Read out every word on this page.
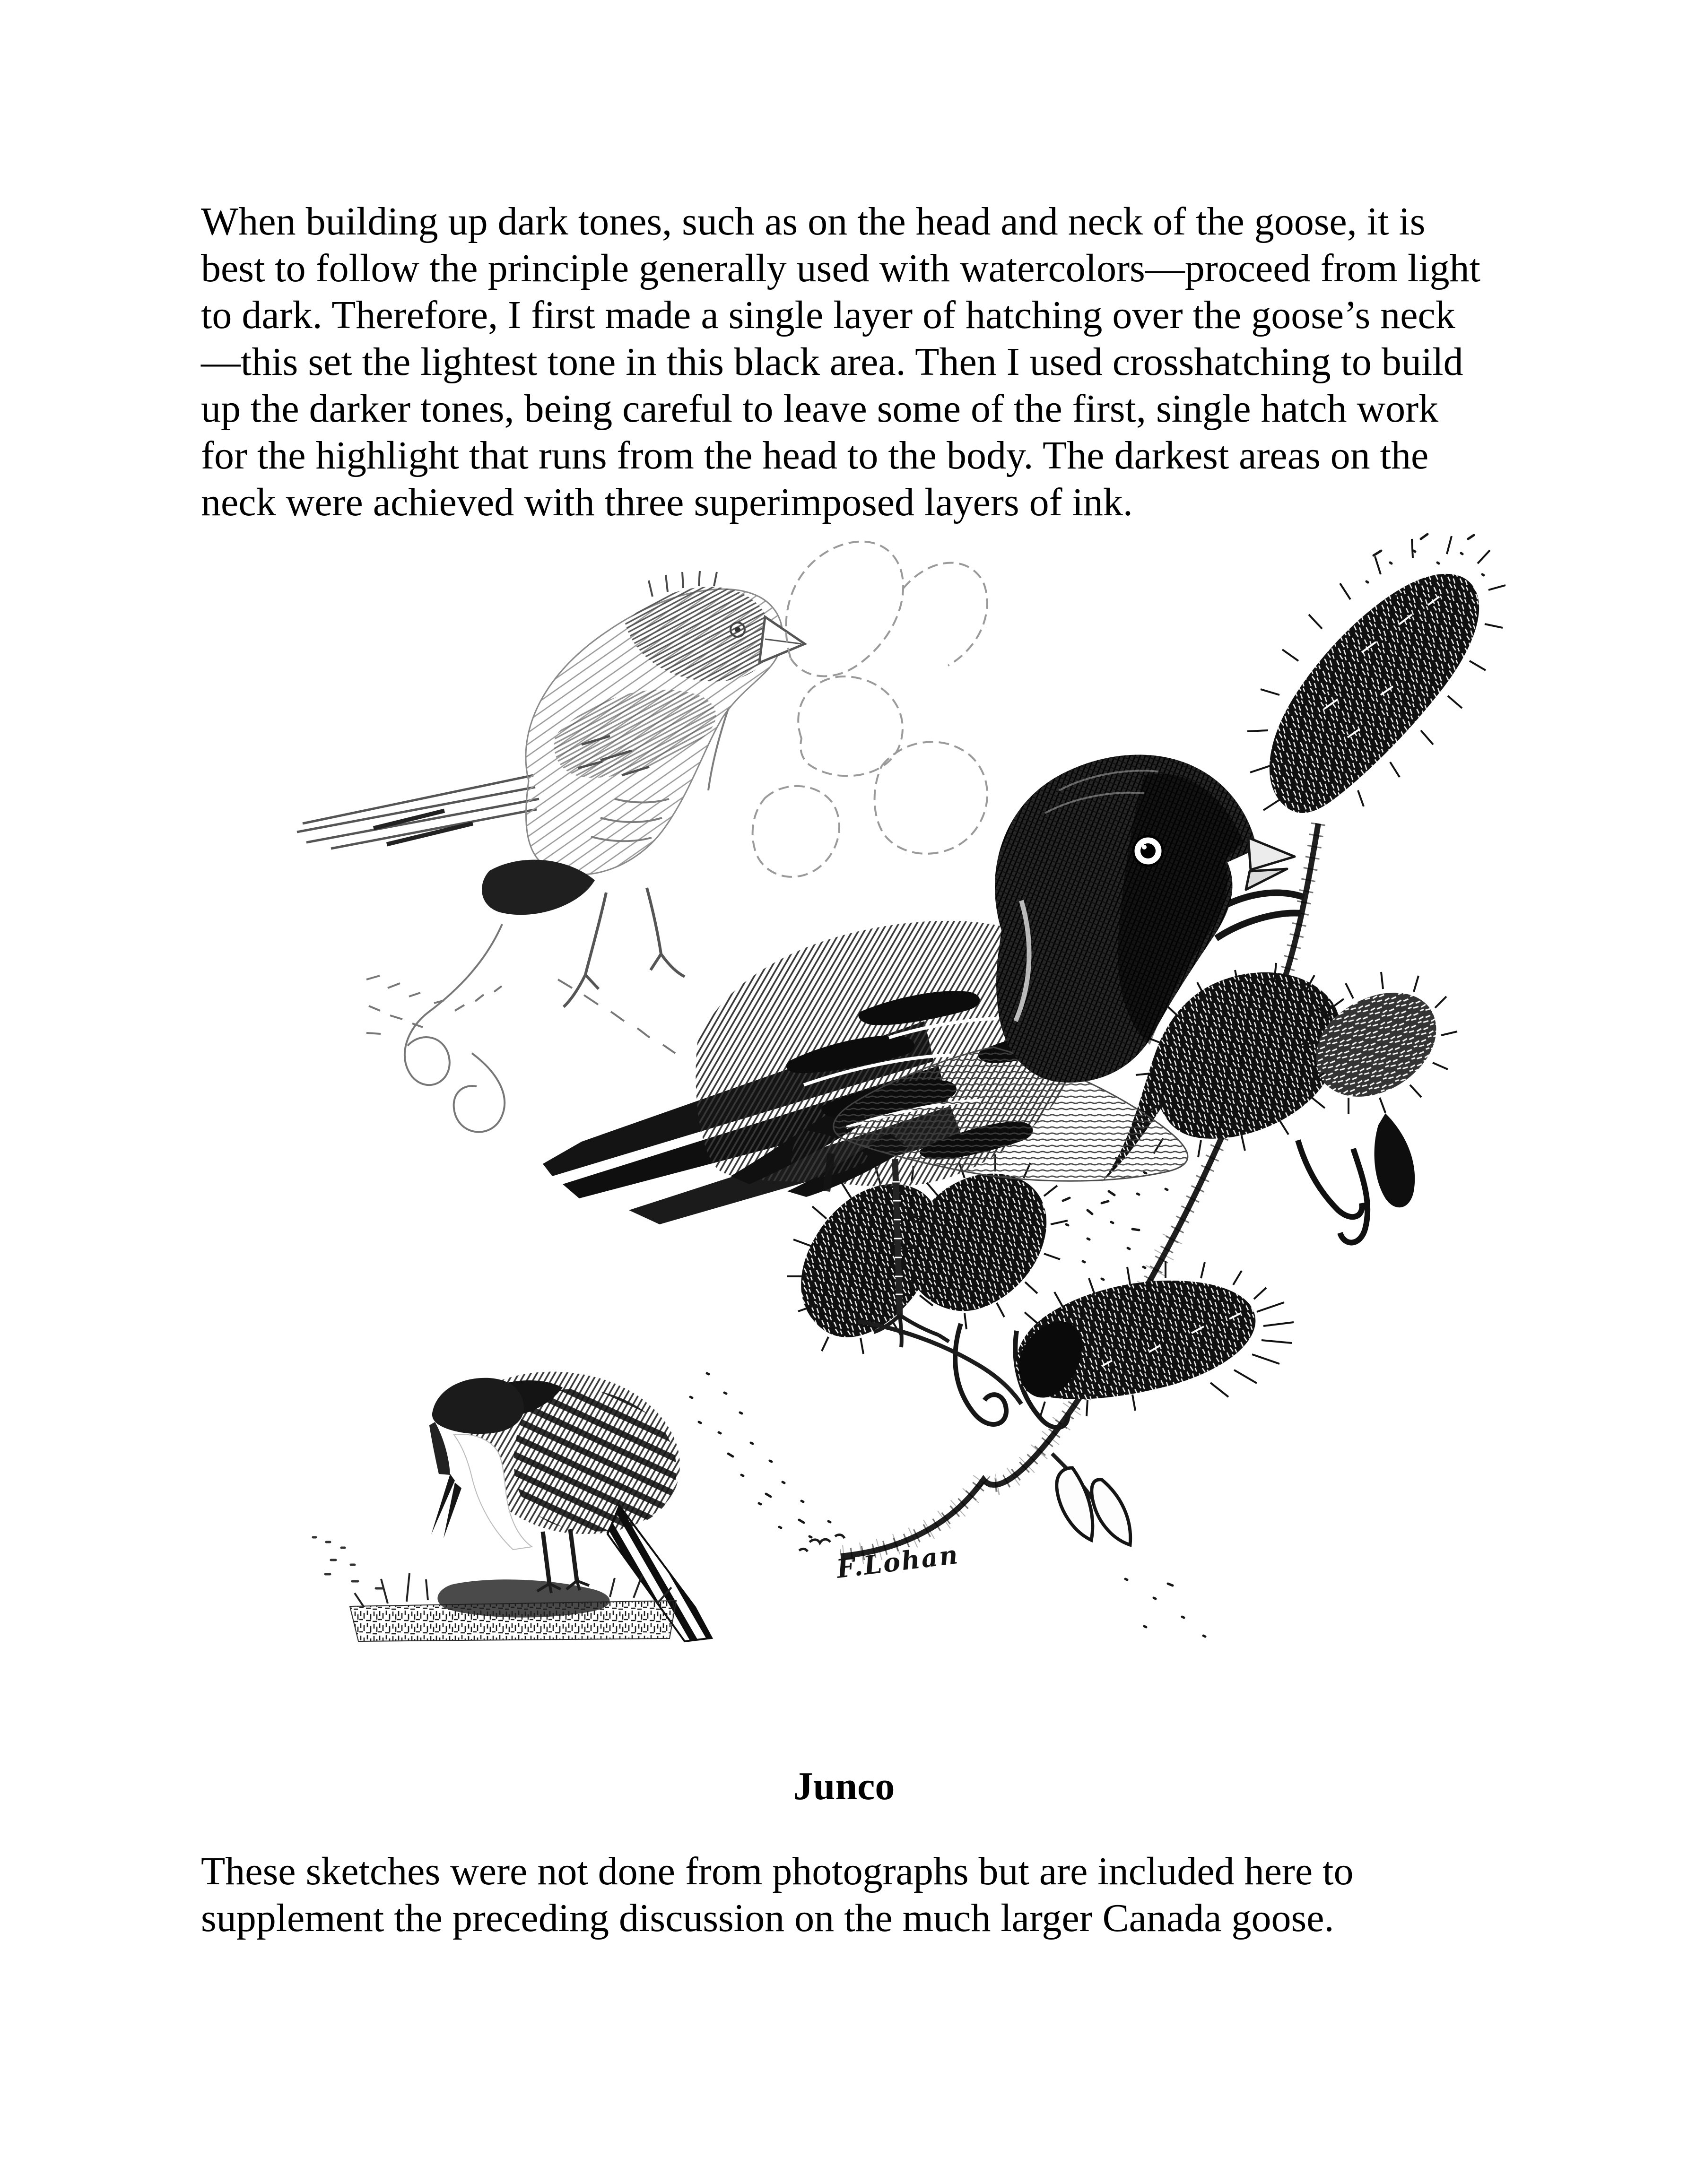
When building up dark tones, such as on the head and neck of the goose, it is

best to follow the principle generally used with watercolors—proceed from light

to dark. Therefore, I first made a single layer of hatching over the goose’s neck

—this set the lightest tone in this black area. Then I used crosshatching to build

up the darker tones, being careful to leave some of the first, single hatch work

for the highlight that runs from the head to the body. The darkest areas on the

neck were achieved with three superimposed layers of ink.

F.Lohan
Junco

These sketches were not done from photographs but are included here to

supplement the preceding discussion on the much larger Canada goose.
